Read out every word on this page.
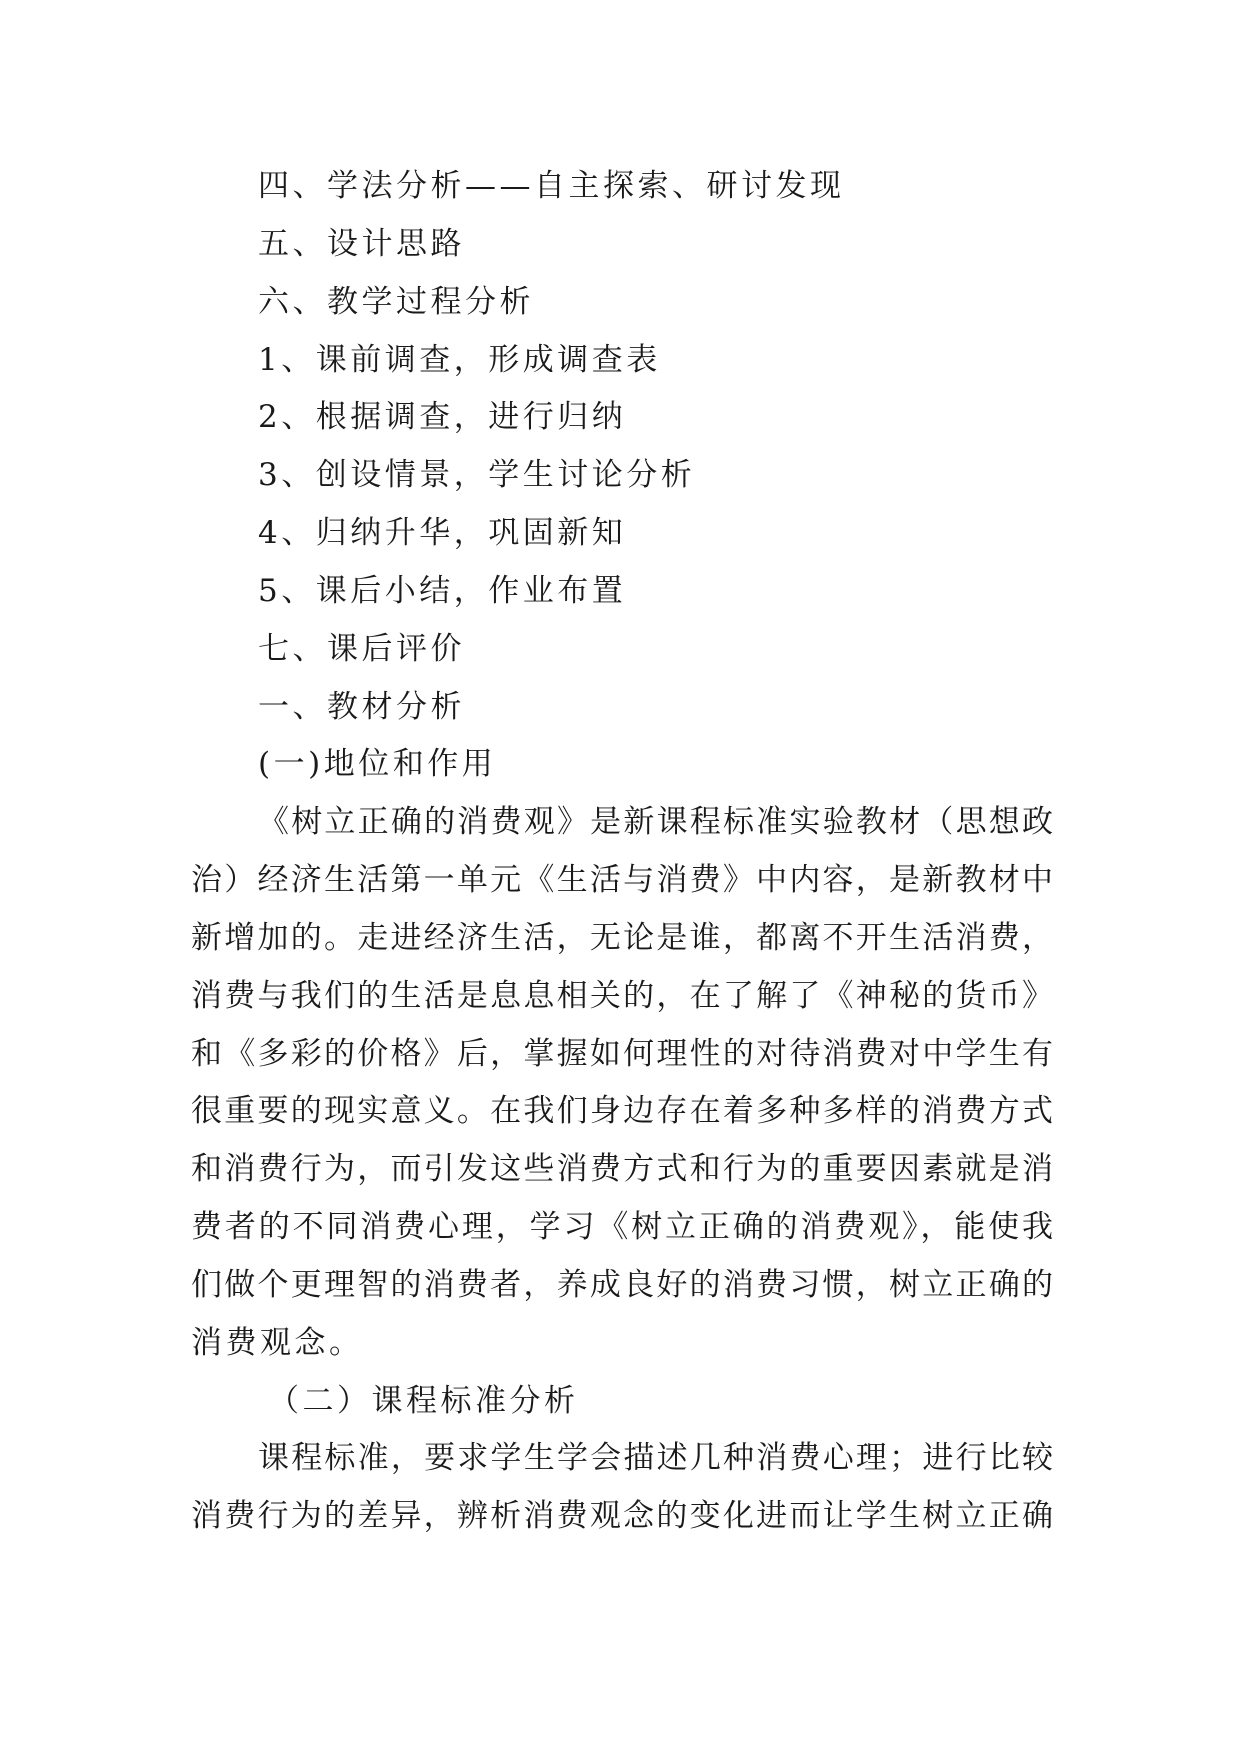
四、学法分析——自主探索、研讨发现

五、设计思路

六、教学过程分析

1、课前调查，形成调查表

2、根据调查，进行归纳

3、创设情景，学生讨论分析

4、归纳升华，巩固新知

5、课后小结，作业布置

七、课后评价

一、教材分析

(一)地位和作用

《树立正确的消费观》是新课程标准实验教材（思想政

治）经济生活第一单元《生活与消费》中内容，是新教材中

新增加的。走进经济生活，无论是谁，都离不开生活消费，

消费与我们的生活是息息相关的，在了解了《神秘的货币》

和《多彩的价格》后，掌握如何理性的对待消费对中学生有

很重要的现实意义。在我们身边存在着多种多样的消费方式

和消费行为，而引发这些消费方式和行为的重要因素就是消

费者的不同消费心理，学习《树立正确的消费观》，能使我

们做个更理智的消费者，养成良好的消费习惯，树立正确的

消费观念。

（二）课程标准分析

课程标准，要求学生学会描述几种消费心理；进行比较

消费行为的差异，辨析消费观念的变化进而让学生树立正确
